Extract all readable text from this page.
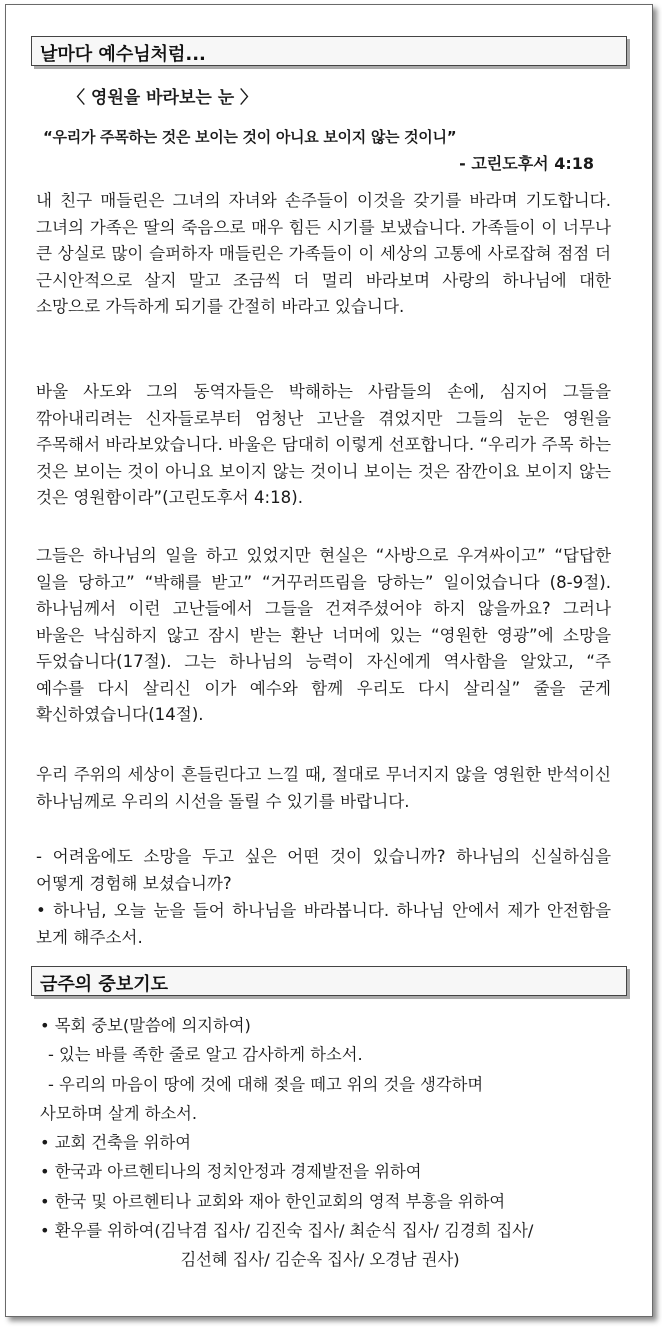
날마다 예수님처럼...
〈 영원을 바라보는 눈 〉
“우리가 주목하는 것은 보이는 것이 아니요 보이지 않는 것이니”
- 고린도후서 4:18

내 친구 매들린은 그녀의 자녀와 손주들이 이것을 갖기를 바라며 기도합니다. 그녀의 가족은 딸의 죽음으로 매우 힘든 시기를 보냈습니다. 가족들이 이 너무나 큰 상실로 많이 슬퍼하자 매들린은 가족들이 이 세상의 고통에 사로잡혀 점점 더 근시안적으로 살지 말고 조금씩 더 멀리 바라보며 사랑의 하나님에 대한 소망으로 가득하게 되기를 간절히 바라고 있습니다.

바울 사도와 그의 동역자들은 박해하는 사람들의 손에, 심지어 그들을 깎아내리려는 신자들로부터 엄청난 고난을 겪었지만 그들의 눈은 영원을 주목해서 바라보았습니다. 바울은 담대히 이렇게 선포합니다. “우리가 주목 하는 것은 보이는 것이 아니요 보이지 않는 것이니 보이는 것은 잠깐이요 보이지 않는 것은 영원함이라”(고린도후서 4:18).

그들은 하나님의 일을 하고 있었지만 현실은 “사방으로 우겨싸이고” “답답한 일을 당하고” “박해를 받고” “거꾸러뜨림을 당하는” 일이었습니다 (8-9절). 하나님께서 이런 고난들에서 그들을 건져주셨어야 하지 않을까요? 그러나 바울은 낙심하지 않고 잠시 받는 환난 너머에 있는 “영원한 영광”에 소망을 두었습니다(17절). 그는 하나님의 능력이 자신에게 역사함을 알았고, “주 예수를 다시 살리신 이가 예수와 함께 우리도 다시 살리실” 줄을 굳게 확신하였습니다(14절).

우리 주위의 세상이 흔들린다고 느낄 때, 절대로 무너지지 않을 영원한 반석이신 하나님께로 우리의 시선을 돌릴 수 있기를 바랍니다.

- 어려움에도 소망을 두고 싶은 어떤 것이 있습니까? 하나님의 신실하심을 어떻게 경험해 보셨습니까?

• 하나님, 오늘 눈을 들어 하나님을 바라봅니다. 하나님 안에서 제가 안전함을 보게 해주소서.

금주의 중보기도
• 목회 중보(말씀에 의지하여)
- 있는 바를 족한 줄로 알고 감사하게 하소서.
- 우리의 마음이 땅에 것에 대해 젖을 떼고 위의 것을 생각하며
사모하며 살게 하소서.
• 교회 건축을 위하여
• 한국과 아르헨티나의 정치안정과 경제발전을 위하여
• 한국 및 아르헨티나 교회와 재아 한인교회의 영적 부흥을 위하여
• 환우를 위하여(김낙겸 집사/ 김진숙 집사/ 최순식 집사/ 김경희 집사/
김선혜 집사/ 김순옥 집사/ 오경남 권사)
